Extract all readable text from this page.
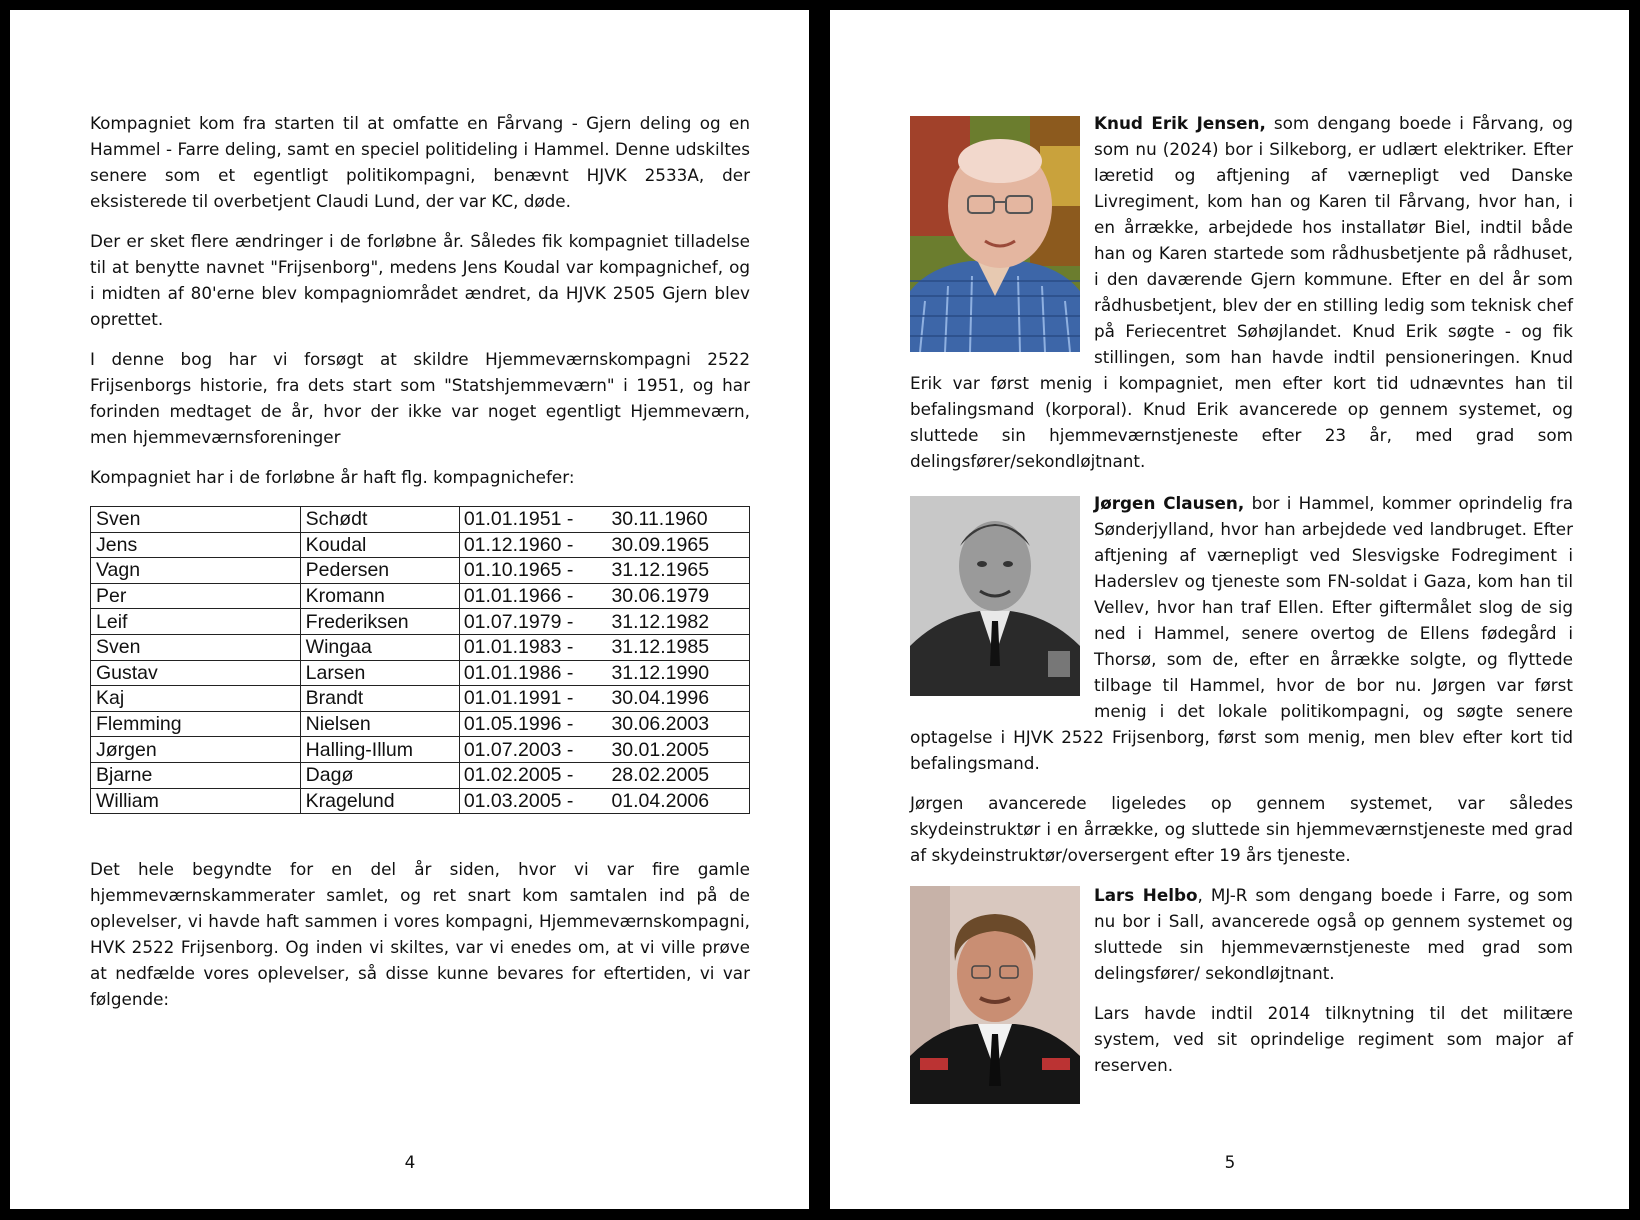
Kompagniet kom fra starten til at omfatte en Fårvang - Gjern deling og en Hammel - Farre deling, samt en speciel politideling i Hammel. Denne udskiltes senere som et egentligt politikompagni, benævnt HJVK 2533A, der eksisterede til overbetjent Claudi Lund, der var KC, døde.

Der er sket flere ændringer i de forløbne år. Således fik kompagniet tilladelse til at benytte navnet "Frijsenborg", medens Jens Koudal var kompagnichef, og i midten af 80'erne blev kompagniområdet ændret, da HJVK 2505 Gjern blev oprettet.

I denne bog har vi forsøgt at skildre Hjemmeværnskompagni 2522 Frijsenborgs historie, fra dets start som "Statshjemmeværn" i 1951, og har forinden medtaget de år, hvor der ikke var noget egentligt Hjemmeværn, men hjemmeværnsforeninger

Kompagniet har i de forløbne år haft flg. kompagnichefer:

Sven	Schødt	01.01.1951 -	30.11.1960
Jens	Koudal	01.12.1960 -	30.09.1965
Vagn	Pedersen	01.10.1965 -	31.12.1965
Per	Kromann	01.01.1966 -	30.06.1979
Leif	Frederiksen	01.07.1979 -	31.12.1982
Sven	Wingaa	01.01.1983 -	31.12.1985
Gustav	Larsen	01.01.1986 -	31.12.1990
Kaj	Brandt	01.01.1991 -	30.04.1996
Flemming	Nielsen	01.05.1996 -	30.06.2003
Jørgen	Halling-Illum	01.07.2003 -	30.01.2005
Bjarne	Dagø	01.02.2005 -	28.02.2005
William	Kragelund	01.03.2005 -	01.04.2006

Det hele begyndte for en del år siden, hvor vi var fire gamle hjemmeværnskammerater samlet, og ret snart kom samtalen ind på de oplevelser, vi havde haft sammen i vores kompagni, Hjemmeværnskompagni, HVK 2522 Frijsenborg. Og inden vi skiltes, var vi enedes om, at vi ville prøve at nedfælde vores oplevelser, så disse kunne bevares for eftertiden, vi var følgende:

4

Knud Erik Jensen, som dengang boede i Fårvang, og som nu (2024) bor i Silkeborg, er udlært elektriker. Efter læretid og aftjening af værnepligt ved Danske Livregiment, kom han og Karen til Fårvang, hvor han, i en årrække, arbejdede hos installatør Biel, indtil både han og Karen startede som rådhusbetjente på rådhuset, i den daværende Gjern kommune. Efter en del år som rådhusbetjent, blev der en stilling ledig som teknisk chef på Feriecentret Søhøjlandet. Knud Erik søgte - og fik stillingen, som han havde indtil pensioneringen. Knud Erik var først menig i kompagniet, men efter kort tid udnævntes han til befalingsmand (korporal). Knud Erik avancerede op gennem systemet, og sluttede sin hjemmeværnstjeneste efter 23 år, med grad som delingsfører/sekondløjtnant.

Jørgen Clausen, bor i Hammel, kommer oprindelig fra Sønderjylland, hvor han arbejdede ved landbruget. Efter aftjening af værnepligt ved Slesvigske Fodregiment i Haderslev og tjeneste som FN-soldat i Gaza, kom han til Vellev, hvor han traf Ellen. Efter giftermålet slog de sig ned i Hammel, senere overtog de Ellens fødegård i Thorsø, som de, efter en årrække solgte, og flyttede tilbage til Hammel, hvor de bor nu. Jørgen var først menig i det lokale politikompagni, og søgte senere optagelse i HJVK 2522 Frijsenborg, først som menig, men blev efter kort tid befalingsmand.

Jørgen avancerede ligeledes op gennem systemet, var således skydeinstruktør i en årrække, og sluttede sin hjemmeværnstjeneste med grad af skydeinstruktør/oversergent efter 19 års tjeneste.

Lars Helbo, MJ-R som dengang boede i Farre, og som nu bor i Sall, avancerede også op gennem systemet og sluttede sin hjemmeværnstjeneste med grad som delingsfører/ sekondløjtnant.

Lars havde indtil 2014 tilknytning til det militære system, ved sit oprindelige regiment som major af reserven.

5
